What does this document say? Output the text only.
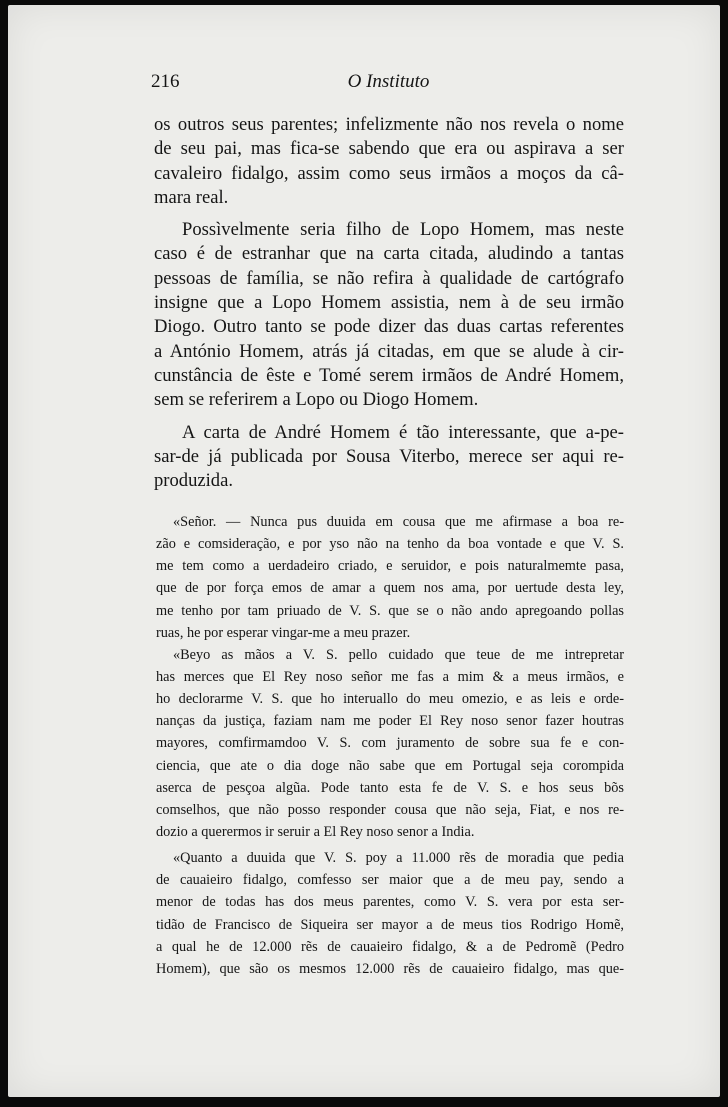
216	O Instituto
os outros seus parentes; infelizmente não nos revela o nome
de seu pai, mas fica-se sabendo que era ou aspirava a ser
cavaleiro fidalgo, assim como seus irmãos a moços da câ-
mara real.
Possìvelmente seria filho de Lopo Homem, mas neste
caso é de estranhar que na carta citada, aludindo a tantas
pessoas de família, se não refira à qualidade de cartógrafo
insigne que a Lopo Homem assistia, nem à de seu irmão
Diogo. Outro tanto se pode dizer das duas cartas referentes
a António Homem, atrás já citadas, em que se alude à cir-
cunstância de êste e Tomé serem irmãos de André Homem,
sem se referirem a Lopo ou Diogo Homem.
A carta de André Homem é tão interessante, que a-pe-
sar-de já publicada por Sousa Viterbo, merece ser aqui re-
produzida.
«Señor. — Nunca pus duuida em cousa que me afirmase a boa re-
zão e comsideração, e por yso não na tenho da boa vontade e que V. S.
me tem como a uerdadeiro criado, e seruidor, e pois naturalmemte pasa,
que de por força emos de amar a quem nos ama, por uertude desta ley,
me tenho por tam priuado de V. S. que se o não ando apregoando pollas
ruas, he por esperar vingar-me a meu prazer.
«Beyo as mãos a V. S. pello cuidado que teue de me intrepretar
has merces que El Rey noso señor me fas a mim & a meus irmãos, e
ho declorarme V. S. que ho interuallo do meu omezio, e as leis e orde-
nanças da justiça, faziam nam me poder El Rey noso senor fazer houtras
mayores, comfirmamdoo V. S. com juramento de sobre sua fe e con-
ciencia, que ate o dia doge não sabe que em Portugal seja corompida
aserca de pesçoa algũa. Pode tanto esta fe de V. S. e hos seus bõs
comselhos, que não posso responder cousa que não seja, Fiat, e nos re-
dozio a querermos ir seruir a El Rey noso senor a India.
«Quanto a duuida que V. S. poy a 11.000 rẽs de moradia que pedia
de cauaieiro fidalgo, comfesso ser maior que a de meu pay, sendo a
menor de todas has dos meus parentes, como V. S. vera por esta ser-
tidão de Francisco de Siqueira ser mayor a de meus tios Rodrigo Homẽ,
a qual he de 12.000 rẽs de cauaieiro fidalgo, & a de Pedromẽ (Pedro
Homem), que são os mesmos 12.000 rẽs de cauaieiro fidalgo, mas que-
